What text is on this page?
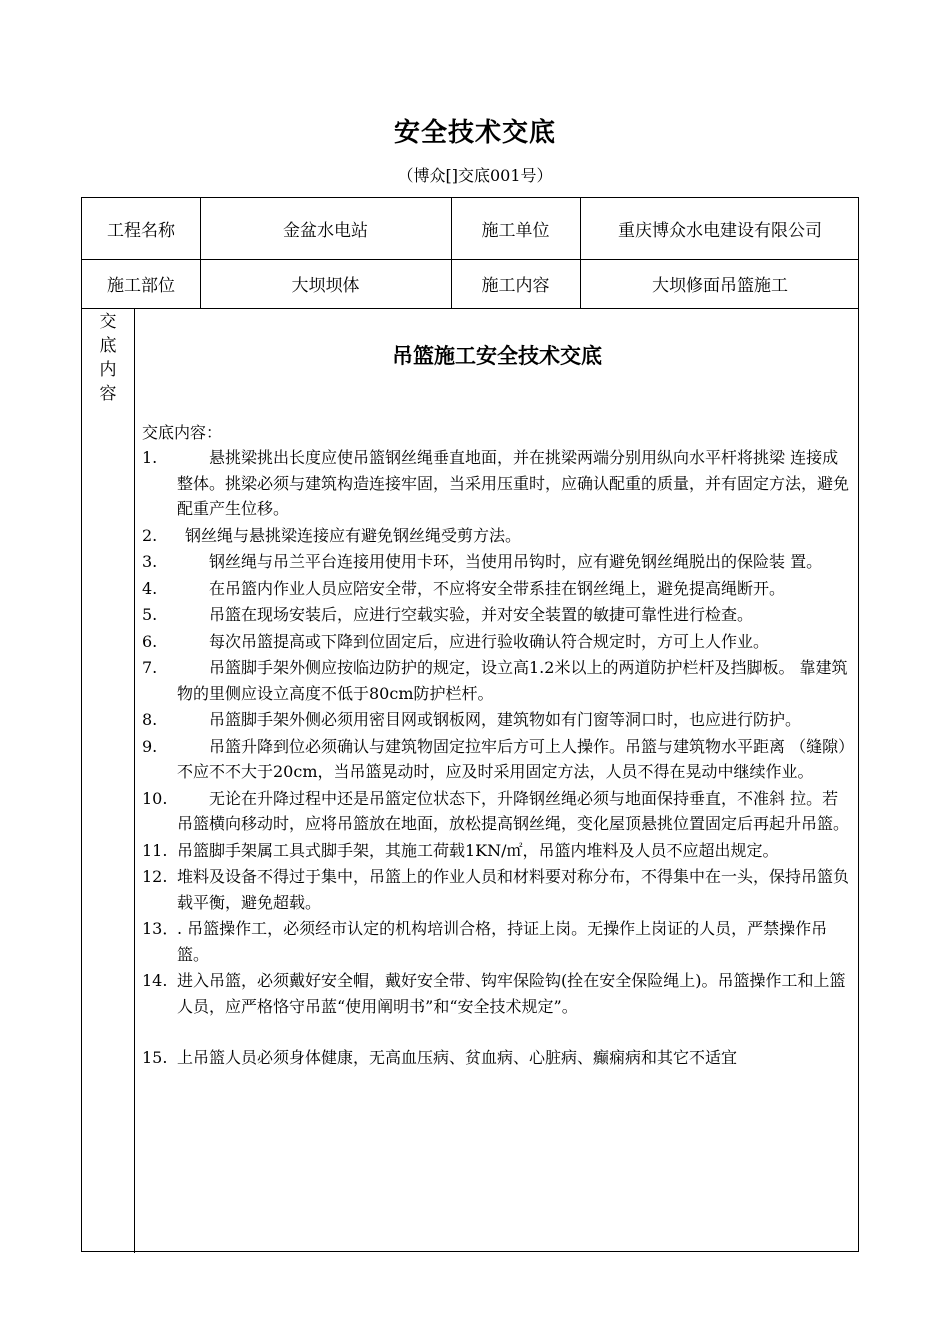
安全技术交底
（博众[]交底001号）
工程名称	金盆水电站	施工单位	重庆博众水电建设有限公司
施工部位	大坝坝体	施工内容	大坝修面吊篮施工
交底内容
吊篮施工安全技术交底
交底内容：
1.	　　悬挑梁挑出长度应使吊篮钢丝绳垂直地面，并在挑梁两端分别用纵向水平杆将挑梁 连接成整体。挑梁必须与建筑构造连接牢固，当采用压重时，应确认配重的质量，并有固定方法，避免配重产生位移。
2.	 钢丝绳与悬挑梁连接应有避免钢丝绳受剪方法。
3.	　　钢丝绳与吊兰平台连接用使用卡环，当使用吊钩时，应有避免钢丝绳脱出的保险装 置。
4.	　　在吊篮内作业人员应陪安全带，不应将安全带系挂在钢丝绳上，避免提高绳断开。
5.	　　吊篮在现场安装后，应进行空载实验，并对安全装置的敏捷可靠性进行检查。
6.	　　每次吊篮提高或下降到位固定后，应进行验收确认符合规定时，方可上人作业。
7.	　　吊篮脚手架外侧应按临边防护的规定，设立高1.2米以上的两道防护栏杆及挡脚板。 靠建筑物的里侧应设立高度不低于80cm防护栏杆。
8.	　　吊篮脚手架外侧必须用密目网或钢板网，建筑物如有门窗等洞口时，也应进行防护。
9.	　　吊篮升降到位必须确认与建筑物固定拉牢后方可上人操作。吊篮与建筑物水平距离 （缝隙）不应不不大于20cm，当吊篮晃动时，应及时采用固定方法，人员不得在晃动中继续作业。
10. 　　无论在升降过程中还是吊篮定位状态下，升降钢丝绳必须与地面保持垂直，不准斜 拉。若吊篮横向移动时，应将吊篮放在地面，放松提高钢丝绳，变化屋顶悬挑位置固定后再起升吊篮。
11. 吊篮脚手架属工具式脚手架，其施工荷载1KN/㎡，吊篮内堆料及人员不应超出规定。
12. 堆料及设备不得过于集中，吊篮上的作业人员和材料要对称分布，不得集中在一头，保持吊篮负载平衡，避免超载。
13．
. 吊篮操作工，必须经市认定的机构培训合格，持证上岗。无操作上岗证的人员，严禁操作吊篮。
14. 进入吊篮，必须戴好安全帽，戴好安全带、钩牢保险钩(拴在安全保险绳上)。吊篮操作工和上篮人员，应严格恪守吊蓝“使用阐明书”和“安全技术规定”。
15. 上吊篮人员必须身体健康，无高血压病、贫血病、心脏病、癫痫病和其它不适宜
